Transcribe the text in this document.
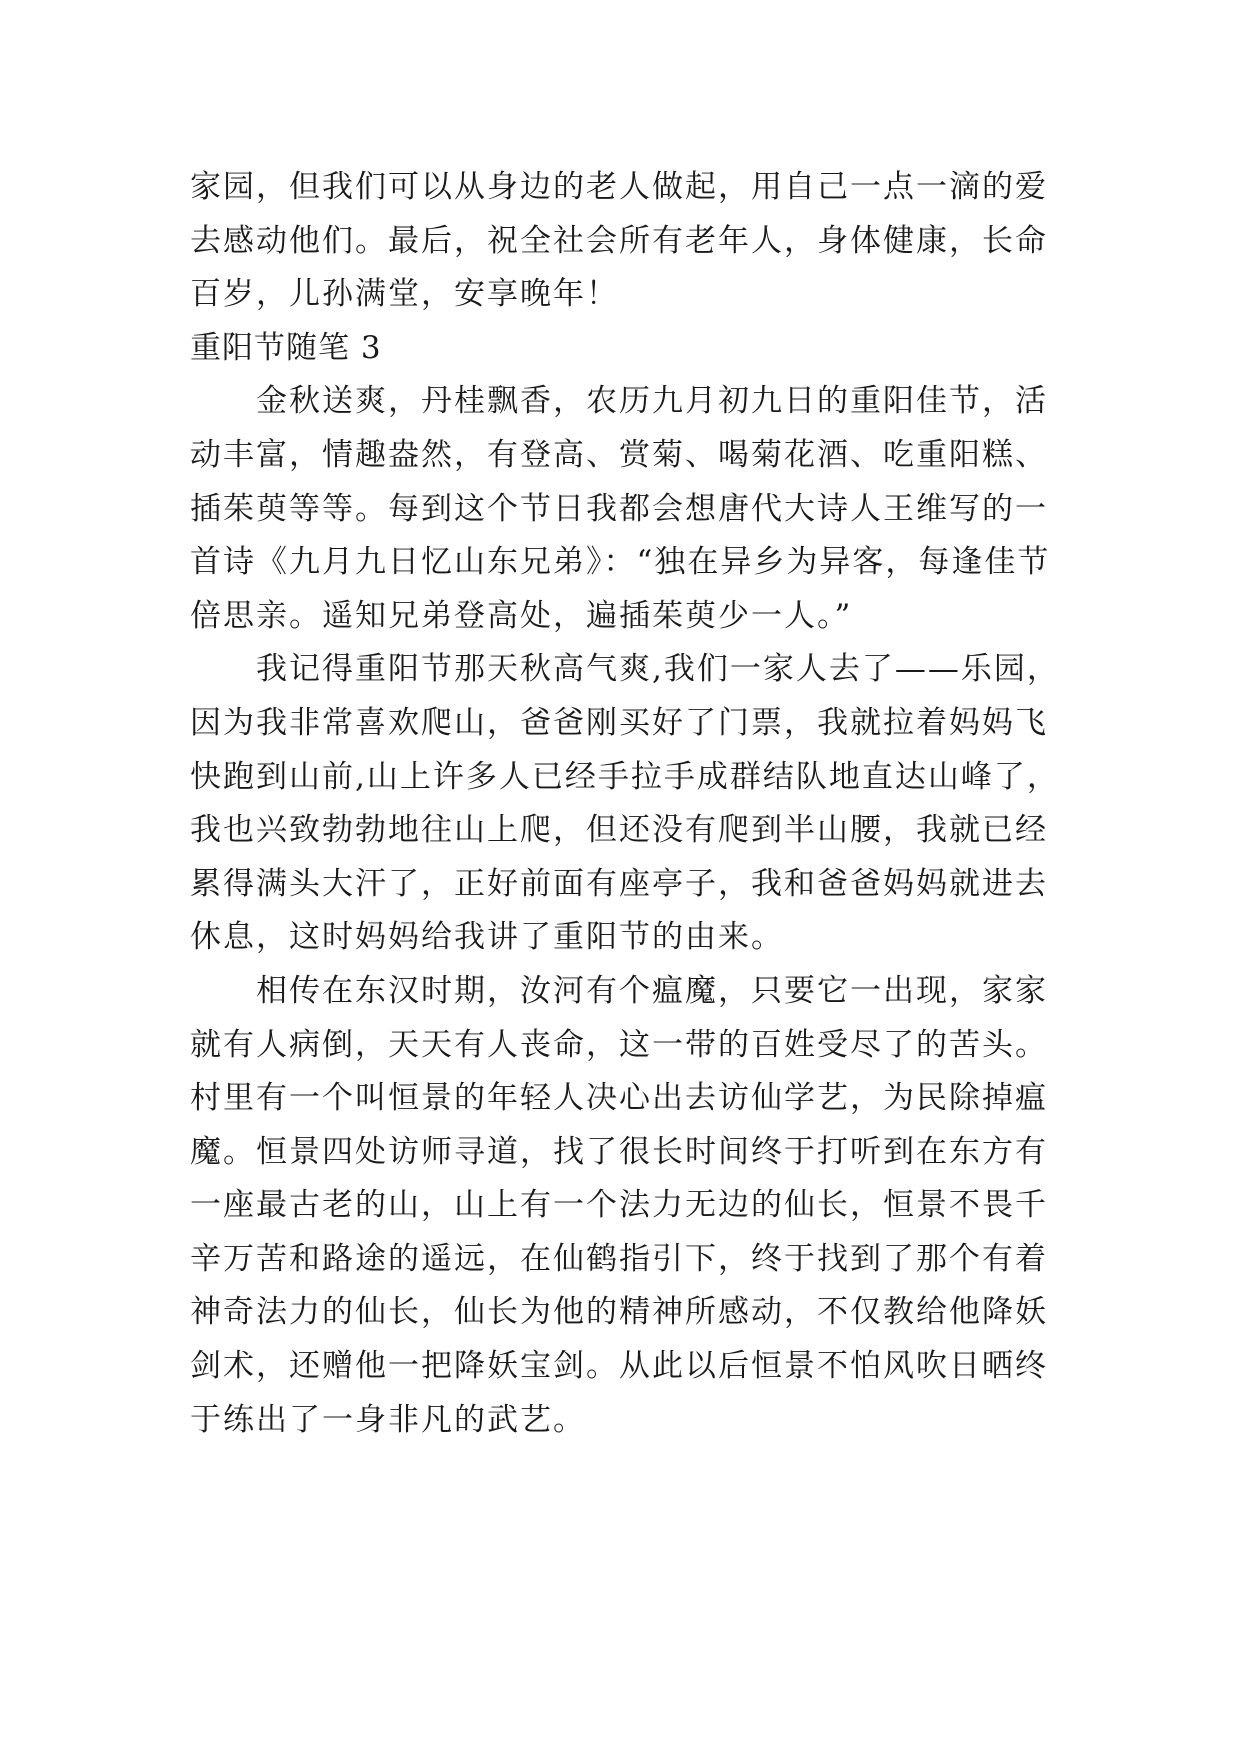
家园，但我们可以从身边的老人做起，用自己一点一滴的爱
去感动他们。最后，祝全社会所有老年人，身体健康，长命
百岁，儿孙满堂，安享晚年！
重阳节随笔 3
金秋送爽，丹桂飘香，农历九月初九日的重阳佳节，活
动丰富，情趣盎然，有登高、赏菊、喝菊花酒、吃重阳糕、
插茱萸等等。每到这个节日我都会想唐代大诗人王维写的一
首诗《九月九日忆山东兄弟》：“独在异乡为异客，每逢佳节
倍思亲。遥知兄弟登高处，遍插茱萸少一人。”
我记得重阳节那天秋高气爽,我们一家人去了——乐园，
因为我非常喜欢爬山，爸爸刚买好了门票，我就拉着妈妈飞
快跑到山前,山上许多人已经手拉手成群结队地直达山峰了，
我也兴致勃勃地往山上爬，但还没有爬到半山腰，我就已经
累得满头大汗了，正好前面有座亭子，我和爸爸妈妈就进去
休息，这时妈妈给我讲了重阳节的由来。
相传在东汉时期，汝河有个瘟魔，只要它一出现，家家
就有人病倒，天天有人丧命，这一带的百姓受尽了的苦头。
村里有一个叫恒景的年轻人决心出去访仙学艺，为民除掉瘟
魔。恒景四处访师寻道，找了很长时间终于打听到在东方有
一座最古老的山，山上有一个法力无边的仙长，恒景不畏千
辛万苦和路途的遥远，在仙鹤指引下，终于找到了那个有着
神奇法力的仙长，仙长为他的精神所感动，不仅教给他降妖
剑术，还赠他一把降妖宝剑。从此以后恒景不怕风吹日晒终
于练出了一身非凡的武艺。
